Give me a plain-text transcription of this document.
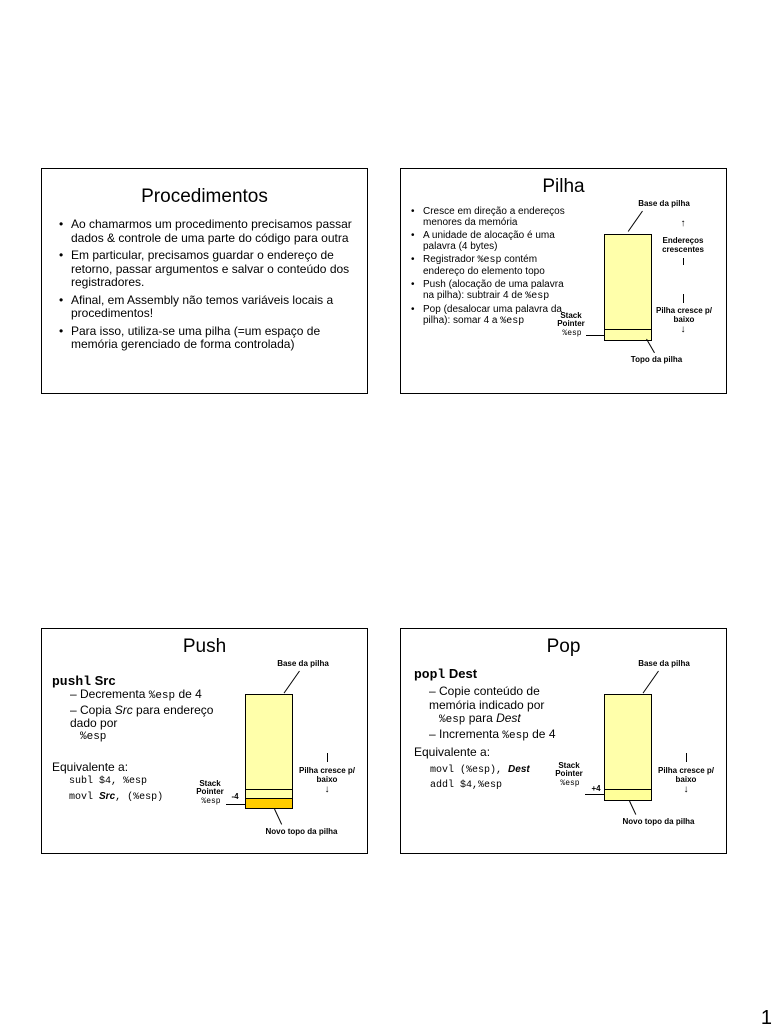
Procedimentos
• Ao chamarmos um procedimento precisamos passar dados & controle de uma parte do código para outra
• Em particular, precisamos guardar o endereço de retorno, passar argumentos e salvar o conteúdo dos registradores.
• Afinal, em Assembly não temos variáveis locais a procedimentos!
• Para isso, utiliza-se uma pilha (=um espaço de memória gerenciado de forma controlada)
Pilha
• Cresce em direção a endereços menores da memória
• A unidade de alocação é uma palavra (4 bytes)
• Registrador %esp contém endereço do elemento topo
• Push (alocação de uma palavra na pilha): subtrair 4 de %esp
• Pop (desalocar uma palavra da pilha): somar 4 a %esp
Base da pilha
↑
Endereços crescentes
Pilha cresce p/ baixo
↓
Stack Pointer
%esp
Topo da pilha
Push
pushl Src
– Decrementa %esp de 4
– Copia Src para endereço dado por
%esp
Equivalente a:
subl $4, %esp
movl Src, (%esp)
Base da pilha
Pilha cresce p/ baixo
↓
Stack Pointer
%esp
-4
Novo topo da pilha
Pop
popl Dest
– Copie conteúdo de memória indicado por
%esp para Dest
– Incrementa %esp de 4
Equivalente a:
movl (%esp), Dest
addl $4,%esp
Base da pilha
Pilha cresce p/ baixo
↓
Stack Pointer
%esp
+4
Novo topo da pilha
1
